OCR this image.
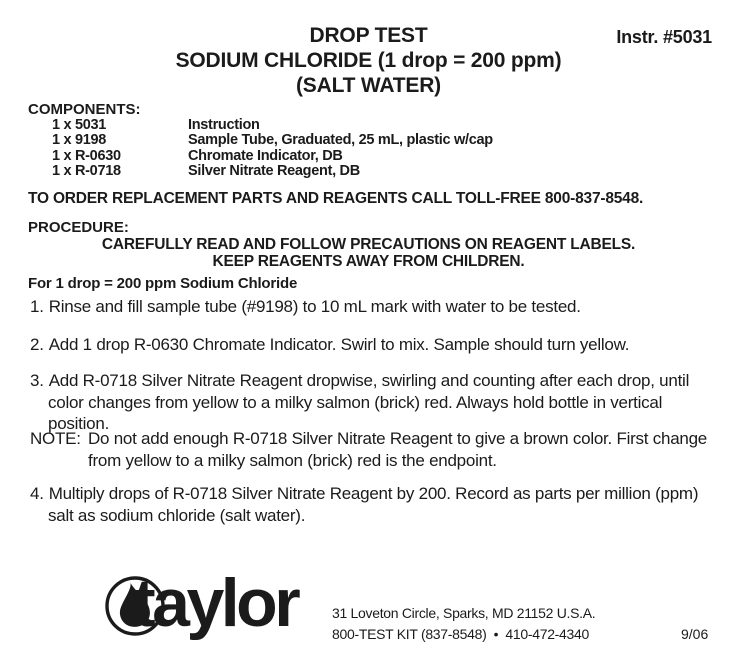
Instr. #5031
DROP TEST
SODIUM CHLORIDE (1 drop = 200 ppm)
(SALT WATER)
COMPONENTS:
1 x 5031	Instruction
1 x 9198	Sample Tube, Graduated, 25 mL, plastic w/cap
1 x R-0630	Chromate Indicator, DB
1 x R-0718	Silver Nitrate Reagent, DB
TO ORDER REPLACEMENT PARTS AND REAGENTS CALL TOLL-FREE 800-837-8548.
PROCEDURE:
CAREFULLY READ AND FOLLOW PRECAUTIONS ON REAGENT LABELS.
KEEP REAGENTS AWAY FROM CHILDREN.
For 1 drop = 200 ppm Sodium Chloride

1. Rinse and fill sample tube (#9198) to 10 mL mark with water to be tested.

2. Add 1 drop R-0630 Chromate Indicator. Swirl to mix. Sample should turn yellow.

3. Add R-0718 Silver Nitrate Reagent dropwise, swirling and counting after each drop, until color changes from yellow to a milky salmon (brick) red. Always hold bottle in vertical position.

NOTE: Do not add enough R-0718 Silver Nitrate Reagent to give a brown color. First change from yellow to a milky salmon (brick) red is the endpoint.

4. Multiply drops of R-0718 Silver Nitrate Reagent by 200. Record as parts per million (ppm) salt as sodium chloride (salt water).

taylor 31 Loveton Circle, Sparks, MD 21152 U.S.A.
800-TEST KIT (837-8548)  •  410-472-4340	9/06
